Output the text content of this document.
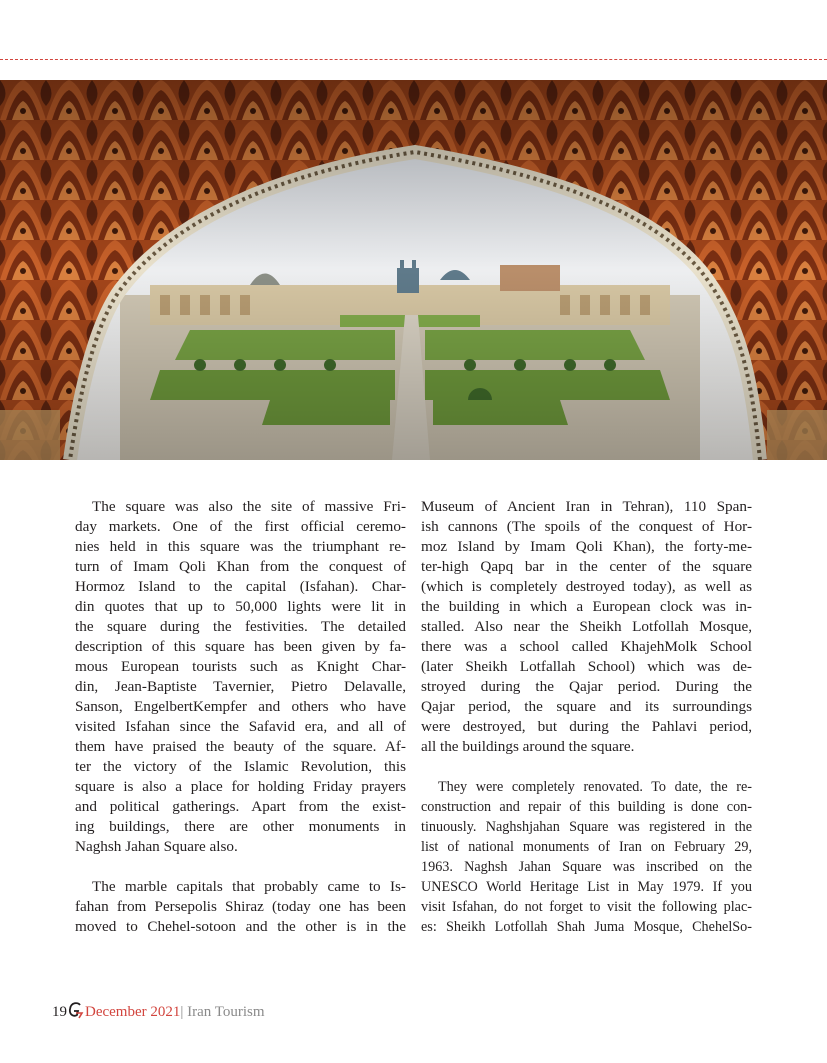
The square was also the site of massive Fri-
day markets. One of the first official ceremo-
nies held in this square was the triumphant re-
turn of Imam Qoli Khan from the conquest of
Hormoz Island to the capital (Isfahan). Char-
din quotes that up to 50,000 lights were lit in
the square during the festivities. The detailed
description of this square has been given by fa-
mous European tourists such as Knight Char-
din, Jean-Baptiste Tavernier, Pietro Delavalle,
Sanson, EngelbertKempfer and others who have
visited Isfahan since the Safavid era, and all of
them have praised the beauty of the square. Af-
ter the victory of the Islamic Revolution, this
square is also a place for holding Friday prayers
and political gatherings. Apart from the exist-
ing buildings, there are other monuments in
Naghsh Jahan Square also.
The marble capitals that probably came to Is-
fahan from Persepolis Shiraz (today one has been
moved to Chehel-sotoon and the other is in the
Museum of Ancient Iran in Tehran), 110 Span-
ish cannons (The spoils of the conquest of Hor-
moz Island by Imam Qoli Khan), the forty-me-
ter-high Qapq bar in the center of the square
(which is completely destroyed today), as well as
the building in which a European clock was in-
stalled. Also near the Sheikh Lotfollah Mosque,
there was a school called KhajehMolk School
(later Sheikh Lotfallah School) which was de-
stroyed during the Qajar period. During the
Qajar period, the square and its surroundings
were destroyed, but during the Pahlavi period,
all the buildings around the square.
They were completely renovated. To date, the re-
construction and repair of this building is done con-
tinuously. Naghshjahan Square was registered in the
list of national monuments of Iran on February 29,
1963. Naghsh Jahan Square was inscribed on the
UNESCO World Heritage List in May 1979. If you
visit Isfahan, do not forget to visit the following plac-
es: Sheikh Lotfollah Shah Juma Mosque, ChehelSo-
19 December 2021| Iran Tourism
